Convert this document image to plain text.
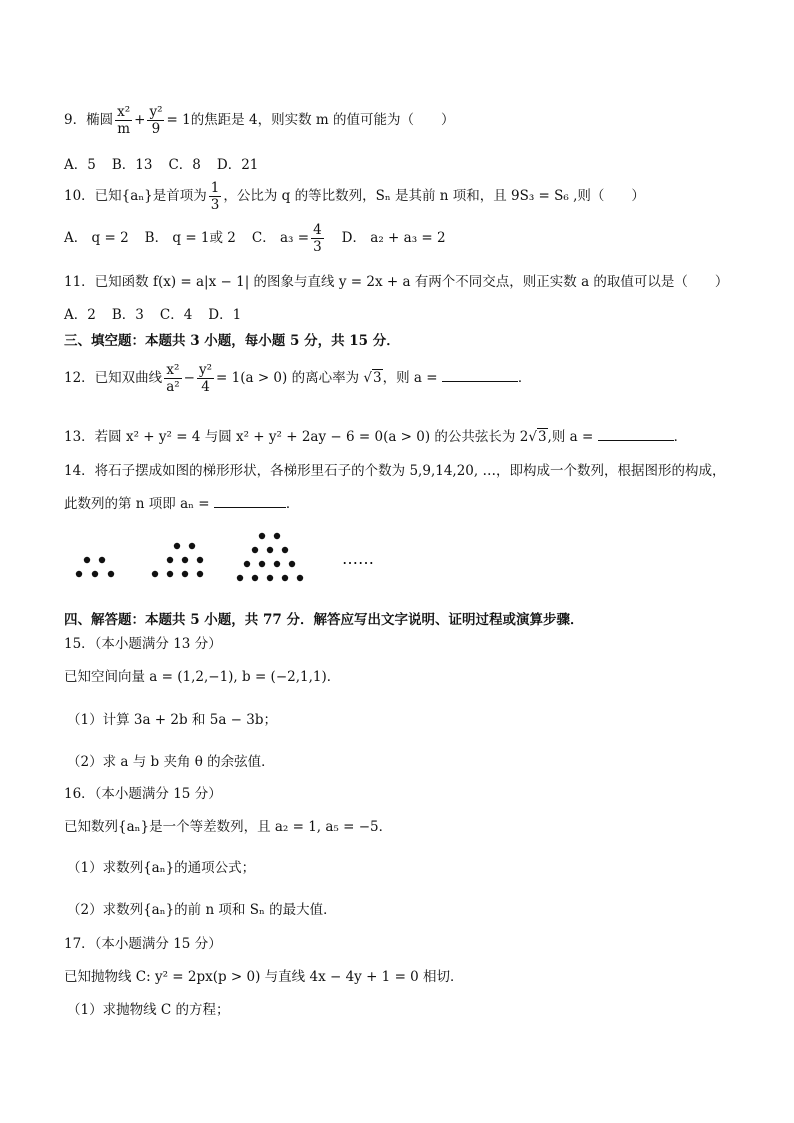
9．椭圆 $\frac{\text{x²}}{m} + \frac{\text{y²}}{9} = 1$的焦距是 4，则实数 m 的值可能为（　　）
A．5 B．13 C．8 D．21
10．已知{aₙ}是首项为 $\frac{1}{3}$ ，公比为 q 的等比数列，Sₙ 是其前 n 项和，且 9S₃ = S₆ ,则（　　）
A． q = 2 B． q = 1或 2 C． $a_3 = \frac{4}{3}$ D． a₂ + a₃ = 2
11．已知函数 f(x) = a|x − 1| 的图象与直线 y = 2x + a 有两个不同交点，则正实数 a 的取值可以是（　　）
A．2 B．3 C．4 D．1
三、填空题：本题共 3 小题，每小题 5 分，共 15 分．
12．已知双曲线 $\frac{\text{x²}}{\text{a²}} - \frac{\text{y²}}{4} = 1(a > 0)$ 的离心率为 √3，则 a =	．
13．若圆 x² + y² = 4 与圆 x² + y² + 2ay − 6 = 0(a > 0) 的公共弦长为 2√3,则 a =	．
14．将石子摆成如图的梯形形状，各梯形里石子的个数为 5,9,14,20, …，即构成一个数列，根据图形的构成，
此数列的第 n 项即 aₙ =	．
……
四、解答题：本题共 5 小题，共 77 分．解答应写出文字说明、证明过程或演算步骤．
15．（本小题满分 13 分）
已知空间向量 a = (1,2,−1), b = (−2,1,1)．
（1）计算 3a + 2b 和 5a − 3b；
（2）求 a 与 b 夹角 θ 的余弦值．
16．（本小题满分 15 分）
已知数列{aₙ}是一个等差数列，且 a₂ = 1, a₅ = −5．
（1）求数列{aₙ}的通项公式；
（2）求数列{aₙ}的前 n 项和 Sₙ 的最大值．
17．（本小题满分 15 分）
已知抛物线 C: y² = 2px(p > 0) 与直线 4x − 4y + 1 = 0 相切．
（1）求抛物线 C 的方程；
